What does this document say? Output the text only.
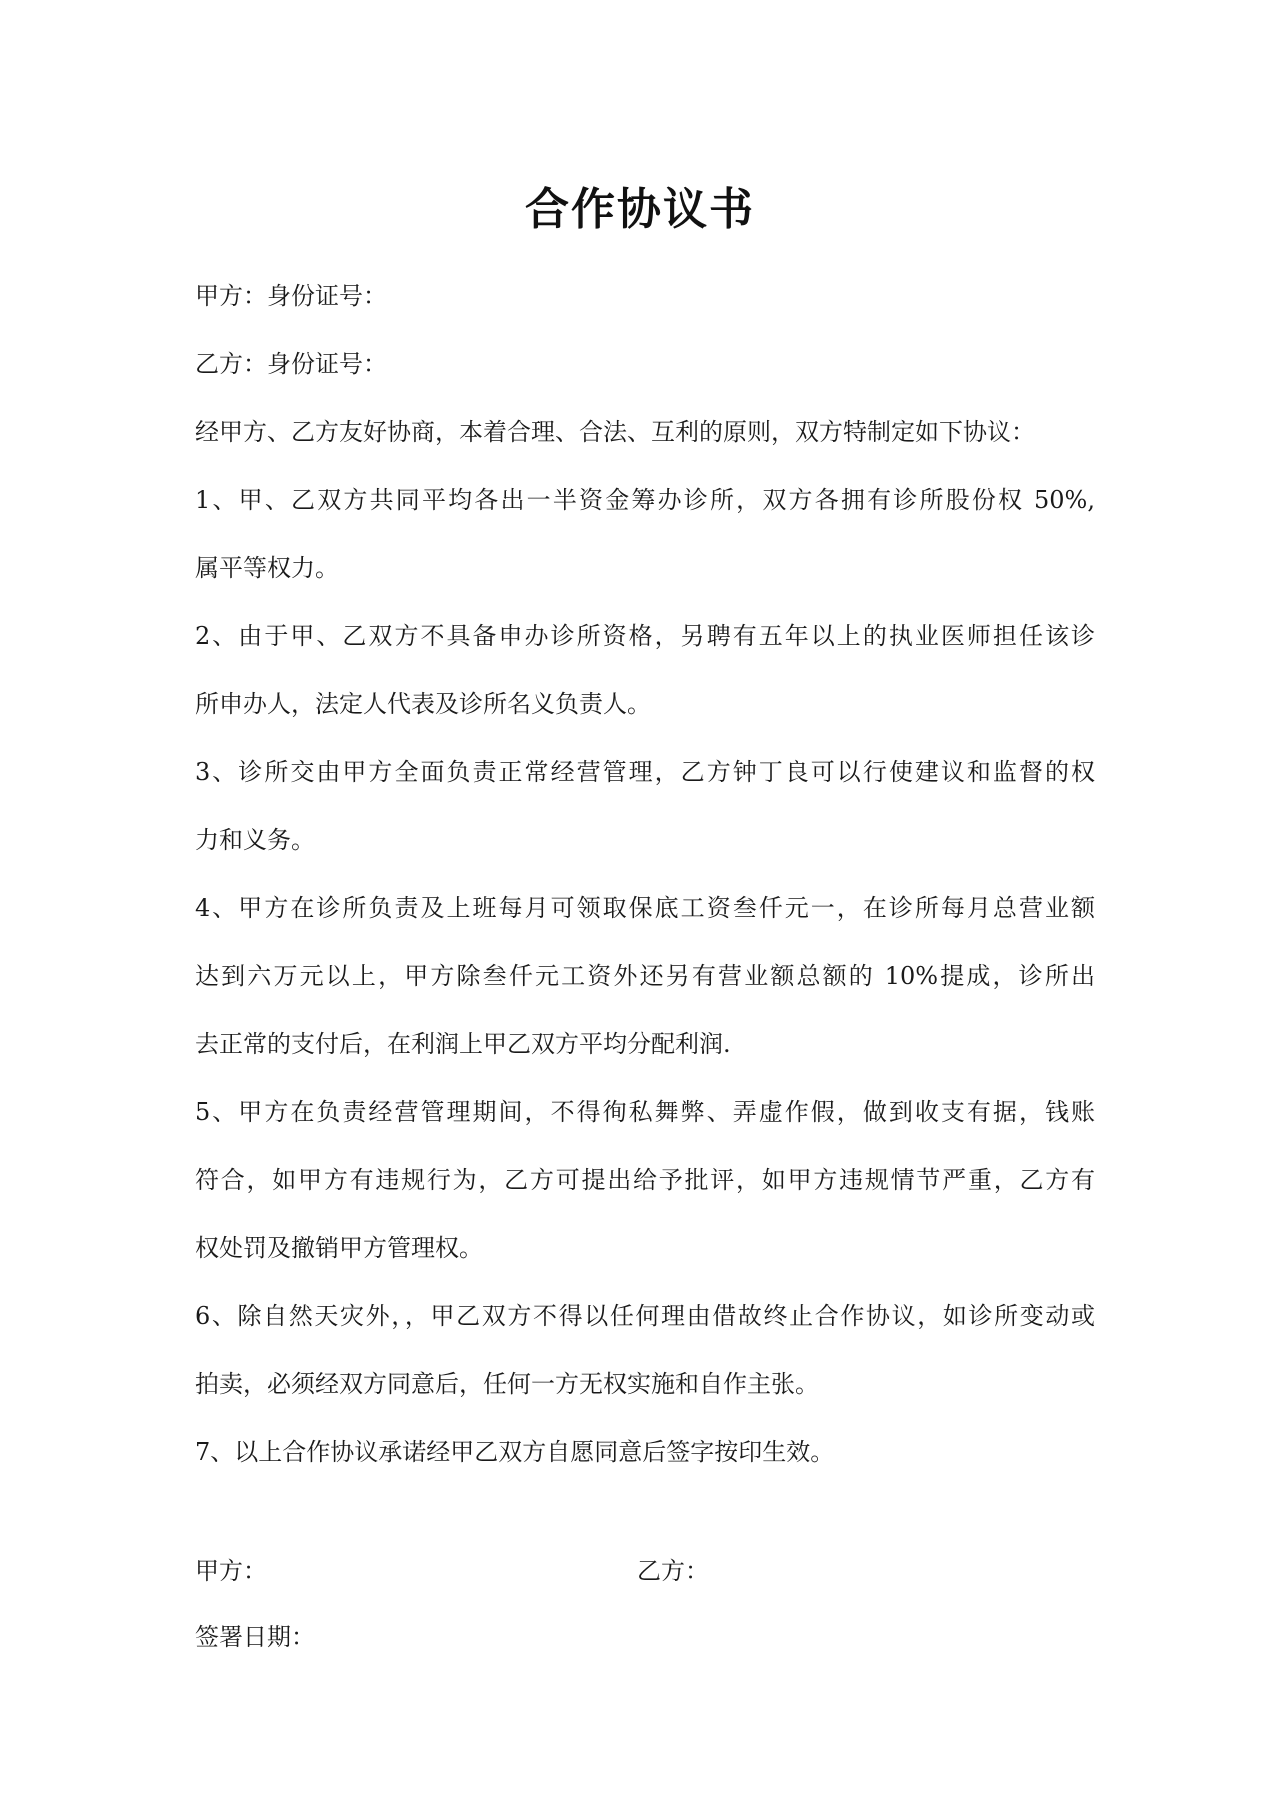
合作协议书
甲方：身份证号：
乙方：身份证号：
经甲方、乙方友好协商，本着合理、合法、互利的原则，双方特制定如下协议：
1、甲、乙双方共同平均各出一半资金筹办诊所，双方各拥有诊所股份权 50%,
属平等权力。
2、由于甲、乙双方不具备申办诊所资格，另聘有五年以上的执业医师担任该诊
所申办人，法定人代表及诊所名义负责人。
3、诊所交由甲方全面负责正常经营管理，乙方钟丁良可以行使建议和监督的权
力和义务。
4、甲方在诊所负责及上班每月可领取保底工资叁仟元一，在诊所每月总营业额
达到六万元以上，甲方除叁仟元工资外还另有营业额总额的 10%提成，诊所出
去正常的支付后，在利润上甲乙双方平均分配利润.
5、甲方在负责经营管理期间，不得徇私舞弊、弄虚作假，做到收支有据，钱账
符合，如甲方有违规行为，乙方可提出给予批评，如甲方违规情节严重，乙方有
权处罚及撤销甲方管理权。
6、除自然天灾外，，甲乙双方不得以任何理由借故终止合作协议，如诊所变动或
拍卖，必须经双方同意后，任何一方无权实施和自作主张。
7、以上合作协议承诺经甲乙双方自愿同意后签字按印生效。
甲方：	乙方：
签署日期：
